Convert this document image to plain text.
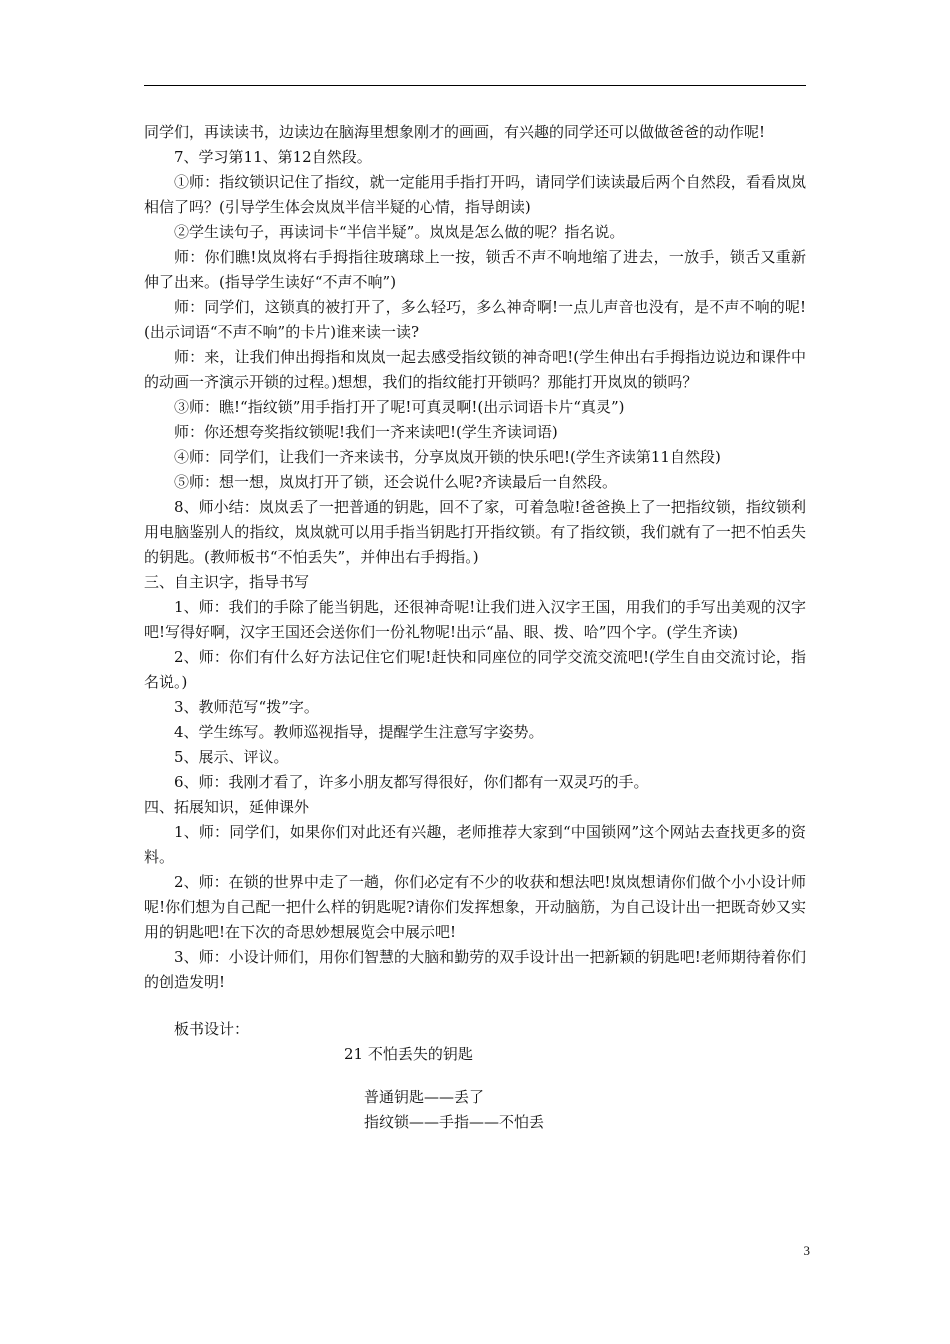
同学们，再读读书，边读边在脑海里想象刚才的画画，有兴趣的同学还可以做做爸爸的动作呢!

7、学习第11、第12自然段。

①师：指纹锁识记住了指纹，就一定能用手指打开吗，请同学们读读最后两个自然段，看看岚岚相信了吗？(引导学生体会岚岚半信半疑的心情，指导朗读)

②学生读句子，再读词卡“半信半疑”。岚岚是怎么做的呢？指名说。

师：你们瞧!岚岚将右手拇指往玻璃球上一按，锁舌不声不响地缩了进去，一放手，锁舌又重新伸了出来。(指导学生读好“不声不响”)

师：同学们，这锁真的被打开了，多么轻巧，多么神奇啊!一点儿声音也没有，是不声不响的呢!(出示词语“不声不响”的卡片)谁来读一读?

师：来，让我们伸出拇指和岚岚一起去感受指纹锁的神奇吧!(学生伸出右手拇指边说边和课件中的动画一齐演示开锁的过程。)想想，我们的指纹能打开锁吗？那能打开岚岚的锁吗？

③师：瞧!“指纹锁”用手指打开了呢!可真灵啊!(出示词语卡片“真灵”)

师：你还想夸奖指纹锁呢!我们一齐来读吧!(学生齐读词语)

④师：同学们，让我们一齐来读书，分享岚岚开锁的快乐吧!(学生齐读第11自然段)

⑤师：想一想，岚岚打开了锁，还会说什么呢?齐读最后一自然段。

8、师小结：岚岚丢了一把普通的钥匙，回不了家，可着急啦!爸爸换上了一把指纹锁，指纹锁利用电脑鉴别人的指纹，岚岚就可以用手指当钥匙打开指纹锁。有了指纹锁，我们就有了一把不怕丢失的钥匙。(教师板书“不怕丢失”，并伸出右手拇指。)

三、自主识字，指导书写

1、师：我们的手除了能当钥匙，还很神奇呢!让我们进入汉字王国，用我们的手写出美观的汉字吧!写得好啊，汉字王国还会送你们一份礼物呢!出示“晶、眼、拨、哈”四个字。(学生齐读)

2、师：你们有什么好方法记住它们呢!赶快和同座位的同学交流交流吧!(学生自由交流讨论，指名说。)

3、教师范写“拨”字。

4、学生练写。教师巡视指导，提醒学生注意写字姿势。

5、展示、评议。

6、师：我刚才看了，许多小朋友都写得很好，你们都有一双灵巧的手。

四、拓展知识，延伸课外

1、师：同学们，如果你们对此还有兴趣，老师推荐大家到“中国锁网”这个网站去查找更多的资料。

2、师：在锁的世界中走了一趟，你们必定有不少的收获和想法吧!岚岚想请你们做个小小设计师呢!你们想为自己配一把什么样的钥匙呢?请你们发挥想象，开动脑筋，为自己设计出一把既奇妙又实用的钥匙吧!在下次的奇思妙想展览会中展示吧!

3、师：小设计师们，用你们智慧的大脑和勤劳的双手设计出一把新颖的钥匙吧!老师期待着你们的创造发明!

板书设计：

21 不怕丢失的钥匙

普通钥匙——丢了
指纹锁——手指——不怕丢
3
